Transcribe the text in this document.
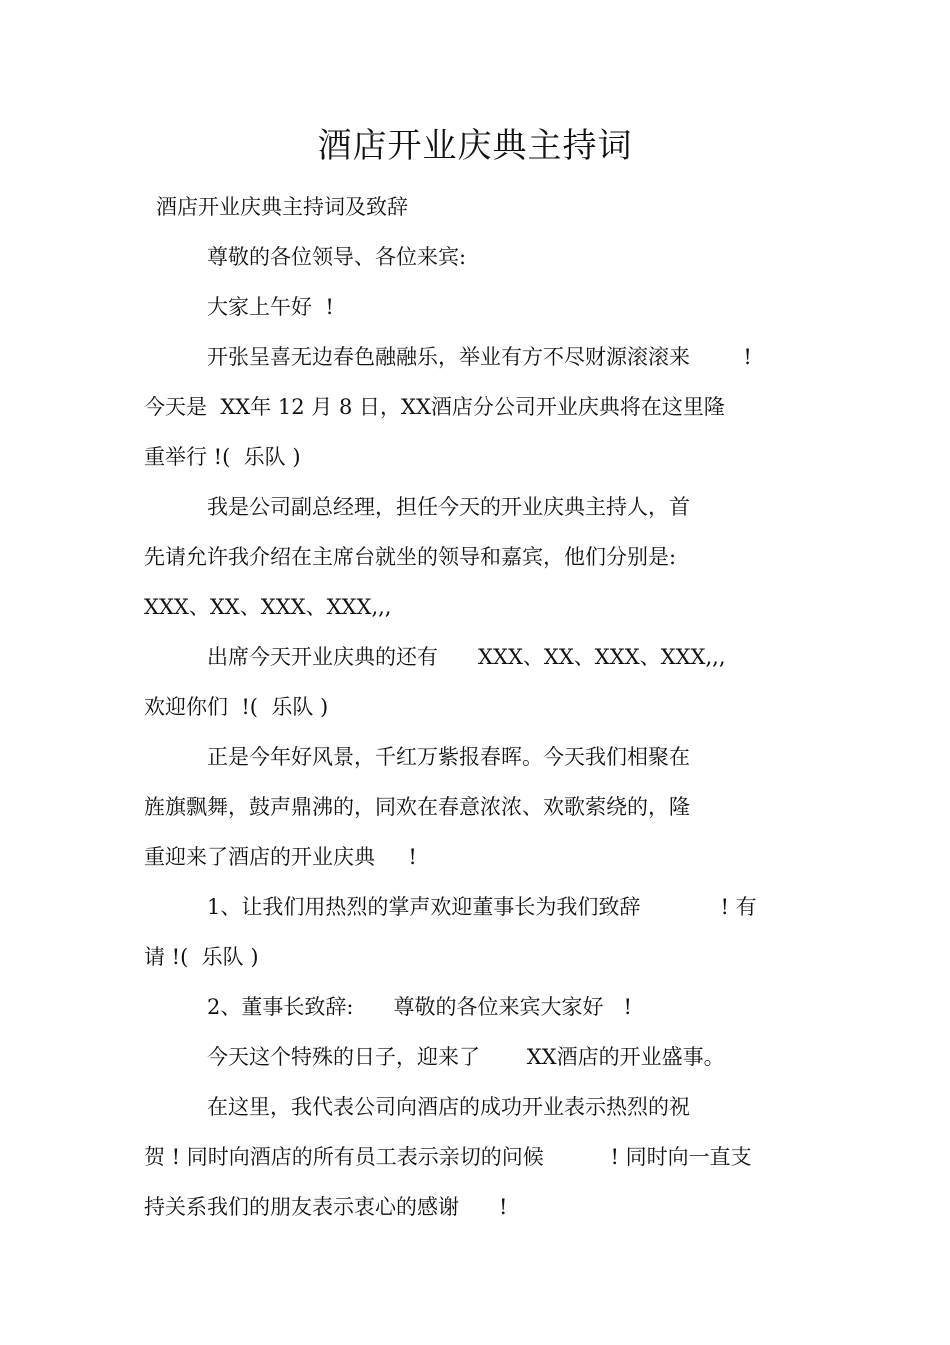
酒店开业庆典主持词
酒店开业庆典主持词及致辞
尊敬的各位领导、各位来宾:
大家上午好  !
开张呈喜无边春色融融乐，举业有方不尽财源滚滚来        !
今天是  XX年 12 月 8 日，XX酒店分公司开业庆典将在这里隆
重举行 !(  乐队 )
我是公司副总经理，担任今天的开业庆典主持人，首
先请允许我介绍在主席台就坐的领导和嘉宾，他们分别是:
XXX、XX、XXX、XXX,,,
出席今天开业庆典的还有      XXX、XX、XXX、XXX,,,
欢迎你们  !(  乐队 )
正是今年好风景，千红万紫报春晖。今天我们相聚在
旌旗飘舞，鼓声鼎沸的，同欢在春意浓浓、欢歌萦绕的，隆
重迎来了酒店的开业庆典     !
1、让我们用热烈的掌声欢迎董事长为我们致辞            ! 有
请 !(  乐队 )
2、董事长致辞:      尊敬的各位来宾大家好   !
今天这个特殊的日子，迎来了       XX酒店的开业盛事。
在这里，我代表公司向酒店的成功开业表示热烈的祝
贺 ! 同时向酒店的所有员工表示亲切的问候          ! 同时向一直支
持关系我们的朋友表示衷心的感谢      !
